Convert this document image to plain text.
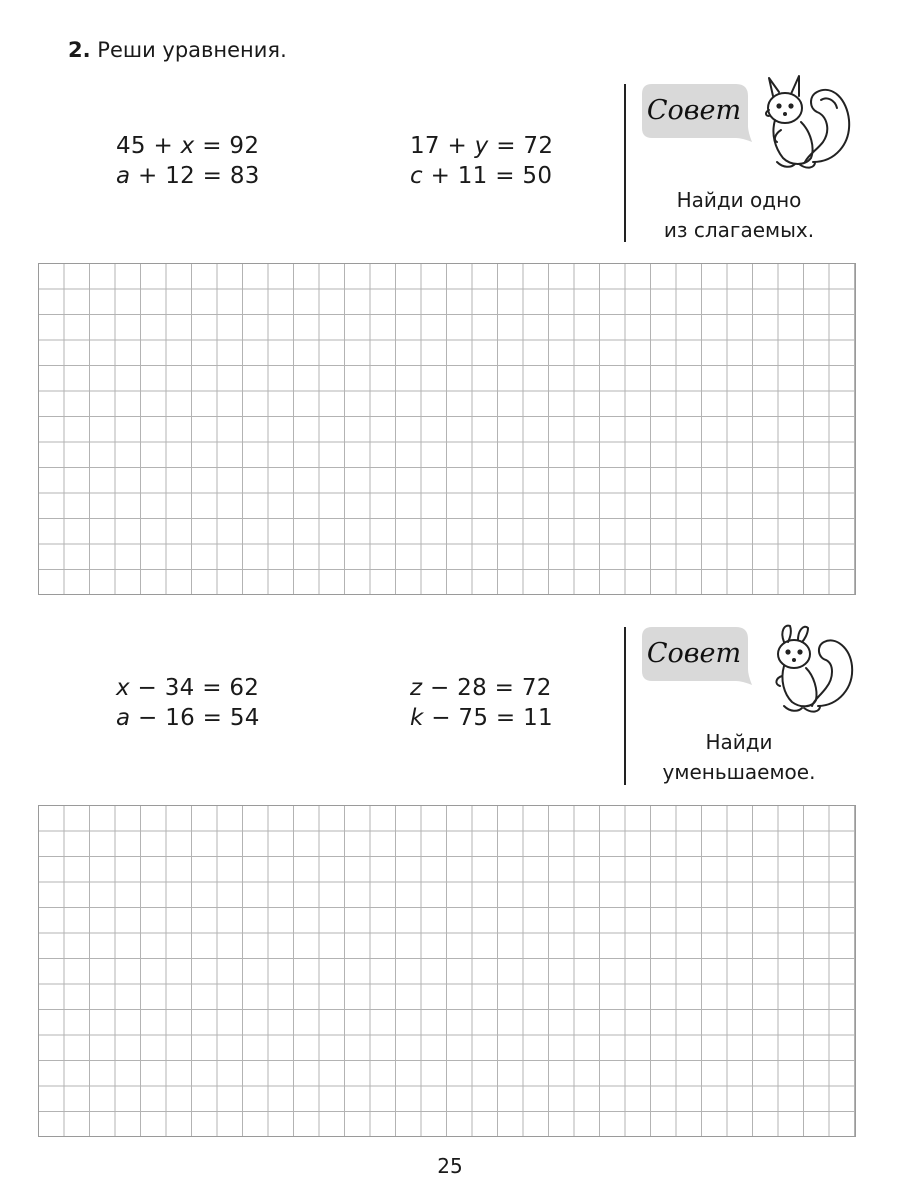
2. Реши уравнения.
45 + x = 92
a + 12 = 83
17 + y = 72
c + 11 = 50
Совет
Найди одно
из слагаемых.
x − 34 = 62
a − 16 = 54
z − 28 = 72
k − 75 = 11
Совет
Найди
уменьшаемое.
25
